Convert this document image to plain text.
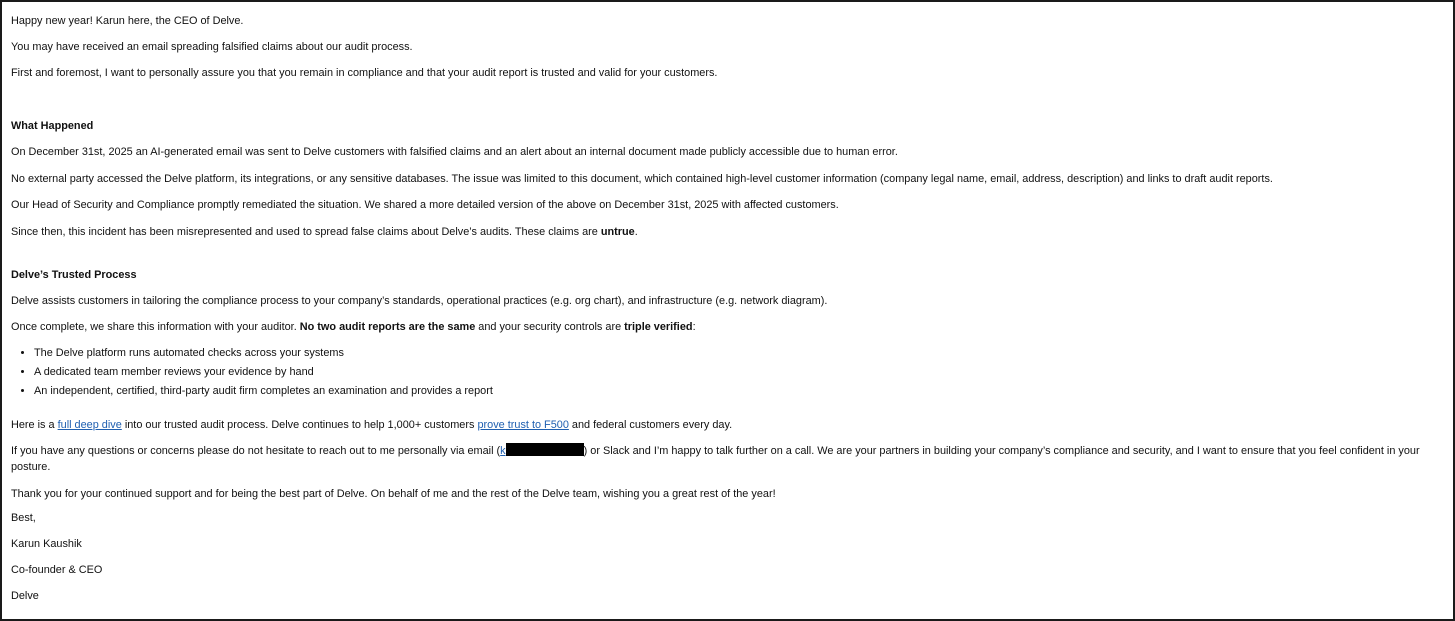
Happy new year! Karun here, the CEO of Delve.

You may have received an email spreading falsified claims about our audit process.

First and foremost, I want to personally assure you that you remain in compliance and that your audit report is trusted and valid for your customers.

What Happened

On December 31st, 2025 an AI-generated email was sent to Delve customers with falsified claims and an alert about an internal document made publicly accessible due to human error.

No external party accessed the Delve platform, its integrations, or any sensitive databases. The issue was limited to this document, which contained high-level customer information (company legal name, email, address, description) and links to draft audit reports.

Our Head of Security and Compliance promptly remediated the situation. We shared a more detailed version of the above on December 31st, 2025 with affected customers.

Since then, this incident has been misrepresented and used to spread false claims about Delve’s audits. These claims are untrue.

Delve’s Trusted Process

Delve assists customers in tailoring the compliance process to your company’s standards, operational practices (e.g. org chart), and infrastructure (e.g. network diagram).

Once complete, we share this information with your auditor. No two audit reports are the same and your security controls are triple verified:

• The Delve platform runs automated checks across your systems
• A dedicated team member reviews your evidence by hand
• An independent, certified, third-party audit firm completes an examination and provides a report

Here is a full deep dive into our trusted audit process. Delve continues to help 1,000+ customers prove trust to F500 and federal customers every day.

If you have any questions or concerns please do not hesitate to reach out to me personally via email (k	) or Slack and I’m happy to talk further on a call. We are your partners in building your company’s compliance and security, and I want to ensure that you feel confident in your posture.

Thank you for your continued support and for being the best part of Delve. On behalf of me and the rest of the Delve team, wishing you a great rest of the year!

Best,

Karun Kaushik

Co-founder & CEO

Delve
